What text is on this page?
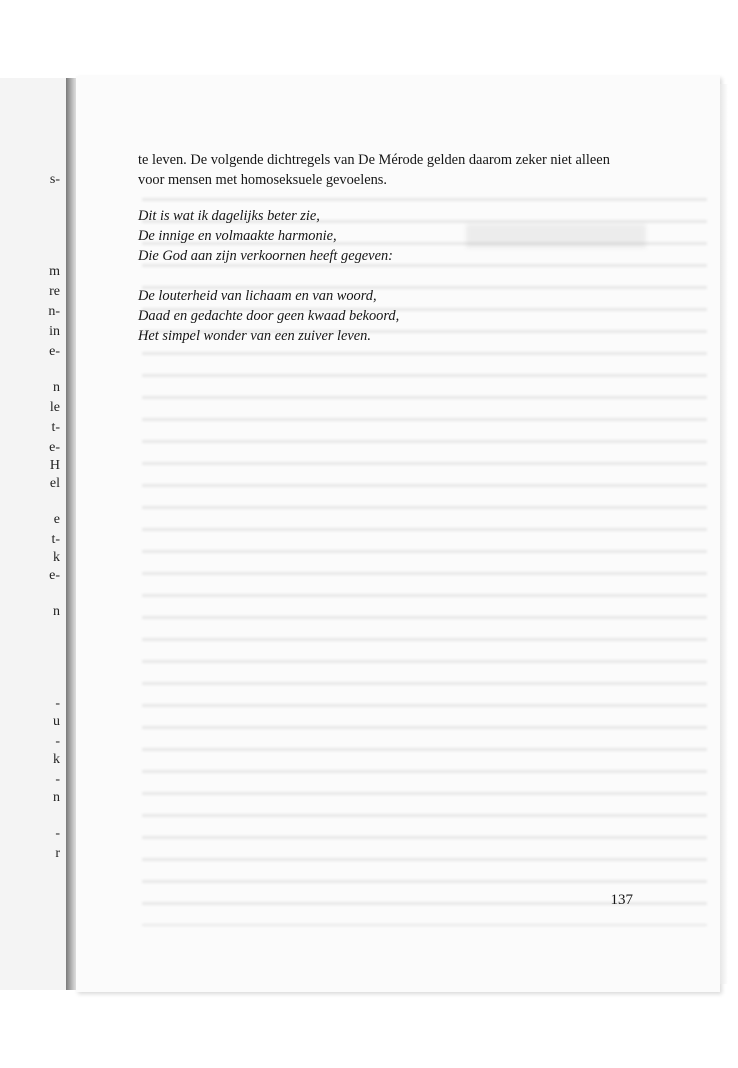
s-
m
re
n-
in
e-
n
le
t-
e-
H
el
e
t-
k
e-
n
-
u
-
k
-
n
-
r

te leven. De volgende dichtregels van De Mérode gelden daarom zeker niet alleen
voor mensen met homoseksuele gevoelens.

Dit is wat ik dagelijks beter zie,
De innige en volmaakte harmonie,
Die God aan zijn verkoornen heeft gegeven:

De louterheid van lichaam en van woord,
Daad en gedachte door geen kwaad bekoord,
Het simpel wonder van een zuiver leven.

137
